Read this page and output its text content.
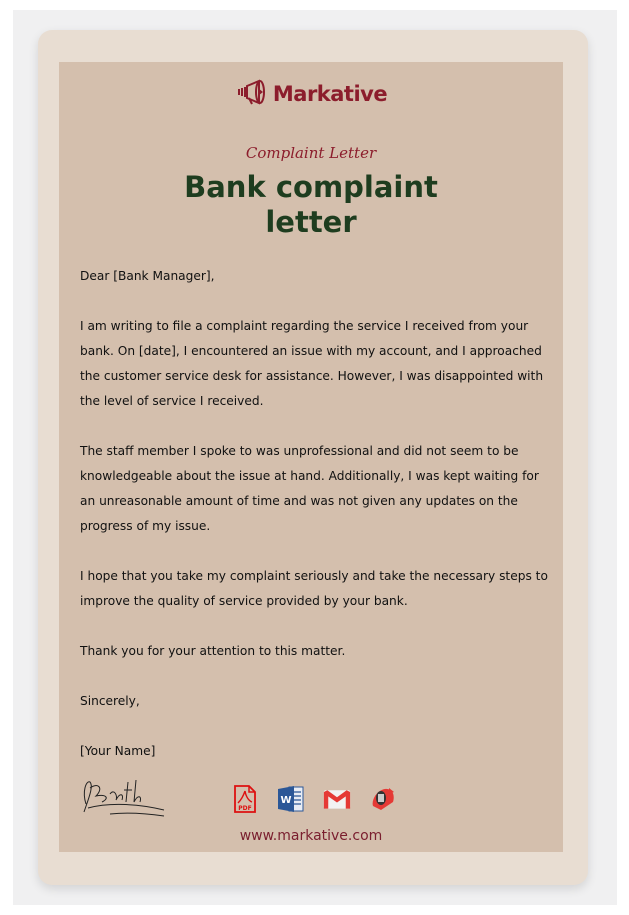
Markative
Complaint Letter
Bank complaint
letter

Dear [Bank Manager],

I am writing to file a complaint regarding the service I received from your bank. On [date], I encountered an issue with my account, and I approached the customer service desk for assistance. However, I was disappointed with the level of service I received.

The staff member I spoke to was unprofessional and did not seem to be knowledgeable about the issue at hand. Additionally, I was kept waiting for an unreasonable amount of time and was not given any updates on the progress of my issue.

I hope that you take my complaint seriously and take the necessary steps to improve the quality of service provided by your bank.

Thank you for your attention to this matter.

Sincerely,

[Your Name]

PDF
W
www.markative.com
